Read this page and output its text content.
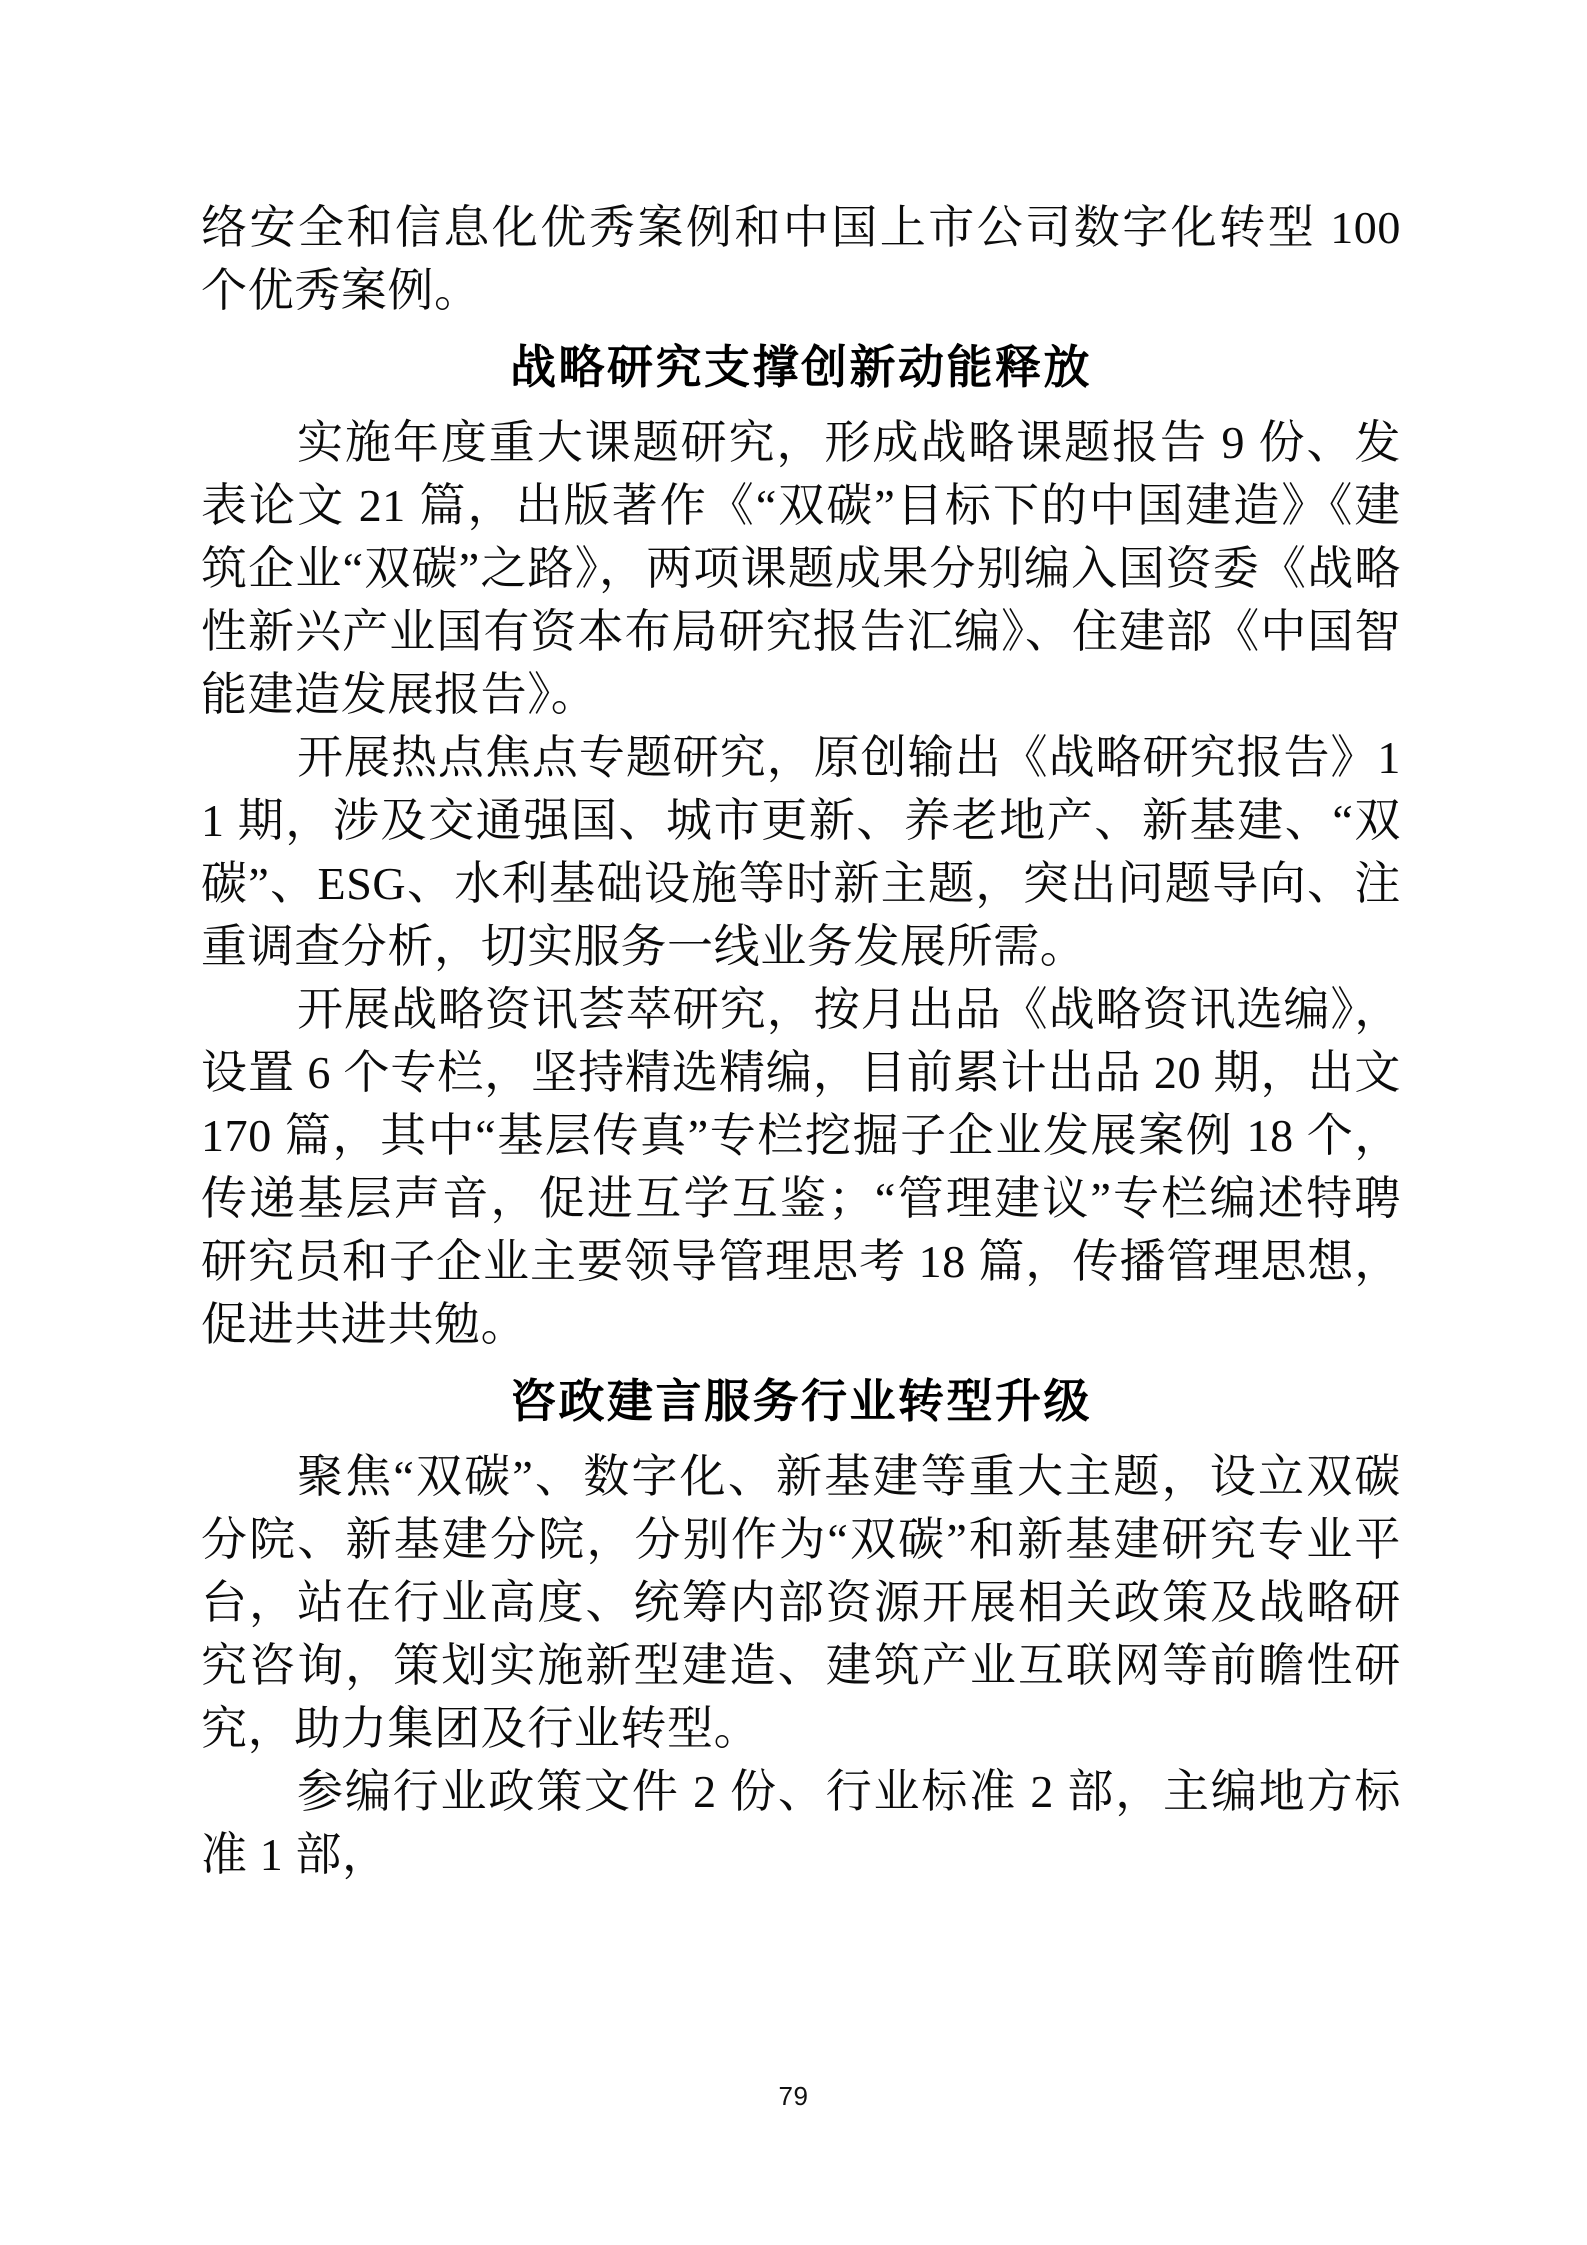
络安全和信息化优秀案例和中国上市公司数字化转型 100 个优秀案例。
战略研究支撑创新动能释放
实施年度重大课题研究，形成战略课题报告 9 份、发表论文 21 篇，出版著作《“双碳”目标下的中国建造》《建筑企业“双碳”之路》，两项课题成果分别编入国资委《战略性新兴产业国有资本布局研究报告汇编》、住建部《中国智能建造发展报告》。
开展热点焦点专题研究，原创输出《战略研究报告》11 期，涉及交通强国、城市更新、养老地产、新基建、“双碳”、ESG、水利基础设施等时新主题，突出问题导向、注重调查分析，切实服务一线业务发展所需。
开展战略资讯荟萃研究，按月出品《战略资讯选编》，设置 6 个专栏，坚持精选精编，目前累计出品 20 期，出文 170 篇，其中“基层传真”专栏挖掘子企业发展案例 18 个，传递基层声音，促进互学互鉴；“管理建议”专栏编述特聘研究员和子企业主要领导管理思考 18 篇，传播管理思想，促进共进共勉。
咨政建言服务行业转型升级
聚焦“双碳”、数字化、新基建等重大主题，设立双碳分院、新基建分院，分别作为“双碳”和新基建研究专业平台，站在行业高度、统筹内部资源开展相关政策及战略研究咨询，策划实施新型建造、建筑产业互联网等前瞻性研究，助力集团及行业转型。
参编行业政策文件 2 份、行业标准 2 部，主编地方标准 1 部，
79
